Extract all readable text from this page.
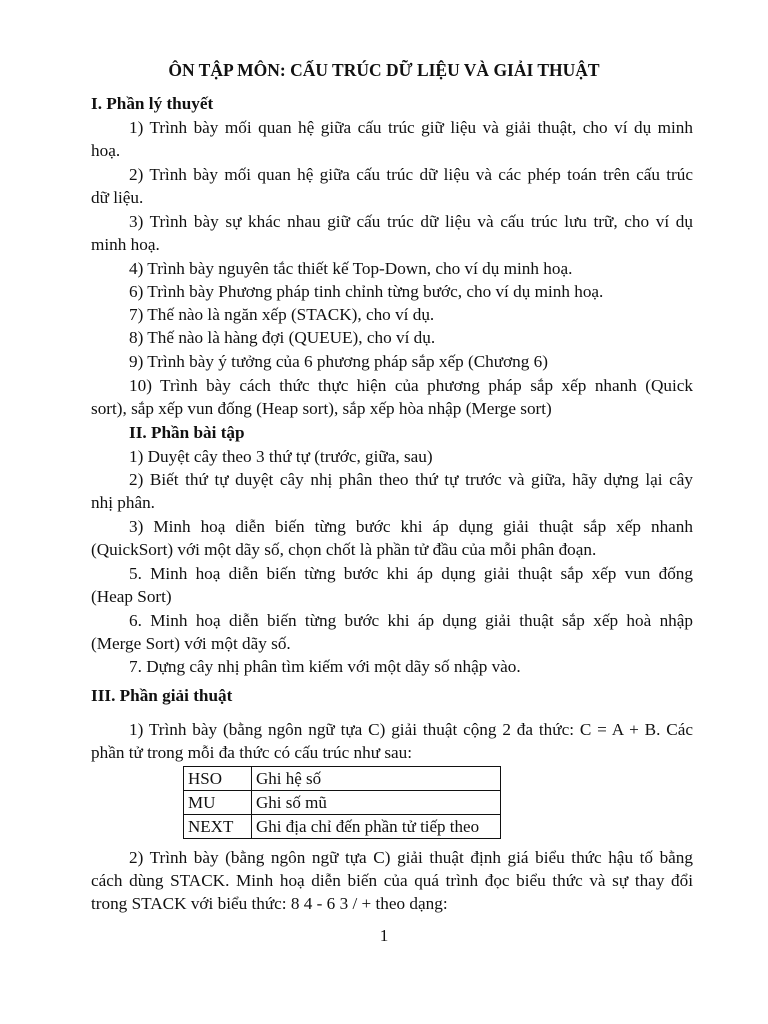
ÔN TẬP MÔN: CẤU TRÚC DỮ LIỆU VÀ GIẢI THUẬT
I. Phần lý thuyết
1) Trình bày mối quan hệ giữa cấu trúc giữ liệu và giải thuật, cho ví dụ minh
hoạ.
2) Trình bày mối quan hệ giữa cấu trúc dữ liệu và các phép toán trên cấu trúc
dữ liệu.
3) Trình bày sự khác nhau giữ cấu trúc dữ liệu và cấu trúc lưu trữ, cho ví dụ
minh hoạ.
4) Trình bày nguyên tắc thiết kế Top-Down, cho ví dụ minh hoạ.
6) Trình bày Phương pháp tinh chỉnh từng bước, cho ví dụ minh hoạ.
7) Thế nào là ngăn xếp (STACK), cho ví dụ.
8) Thế nào là hàng đợi (QUEUE), cho ví dụ.
9) Trình bày ý tưởng của 6 phương pháp sắp xếp (Chương 6)
10) Trình bày cách thức thực hiện của phương pháp sắp xếp nhanh (Quick
sort), sắp xếp vun đống (Heap sort), sắp xếp hòa nhập (Merge sort)
II. Phần bài tập
1) Duyệt cây theo 3 thứ tự (trước, giữa, sau)
2) Biết thứ tự duyệt cây nhị phân theo thứ tự trước và giữa, hãy dựng lại cây
nhị phân.
3) Minh hoạ diễn biến từng bước khi áp dụng giải thuật sắp xếp nhanh
(QuickSort) với một dãy số, chọn chốt là phần tử đầu của mỗi phân đoạn.
5. Minh hoạ diễn biến từng bước khi áp dụng giải thuật sắp xếp vun đống
(Heap Sort)
6. Minh hoạ diễn biến từng bước khi áp dụng giải thuật sắp xếp hoà nhập
(Merge Sort) với một dãy số.
7. Dựng cây nhị phân tìm kiếm với một dãy số nhập vào.
III. Phần giải thuật
1) Trình bày (bằng ngôn ngữ tựa C) giải thuật cộng 2 đa thức: C = A + B. Các
phần tử trong mỗi đa thức có cấu trúc như sau:
HSO	Ghi hệ số
MU	Ghi số mũ
NEXT	Ghi địa chỉ đến phần tử tiếp theo
2) Trình bày (bằng ngôn ngữ tựa C) giải thuật định giá biểu thức hậu tố bằng
cách dùng STACK. Minh hoạ diễn biến của quá trình đọc biểu thức và sự thay đổi
trong STACK với biểu thức: 8 4 - 6 3 / + theo dạng:
1
